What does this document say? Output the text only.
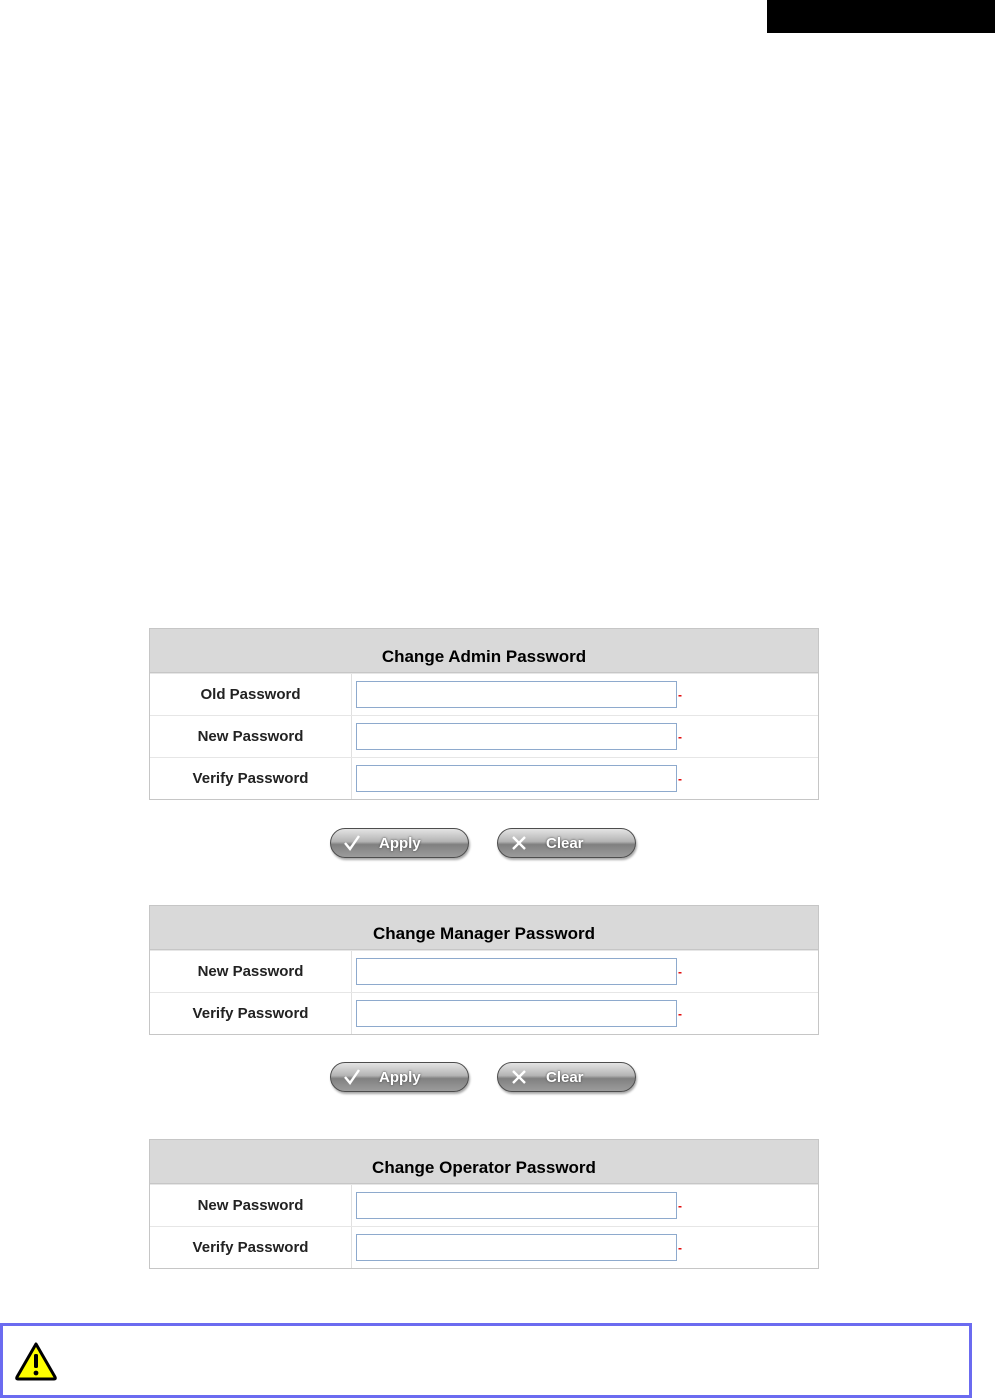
Change Admin Password
Old Password	-
New Password	-
Verify Password	-
Apply	Clear
Change Manager Password
New Password	-
Verify Password	-
Apply	Clear
Change Operator Password
New Password	-
Verify Password	-
